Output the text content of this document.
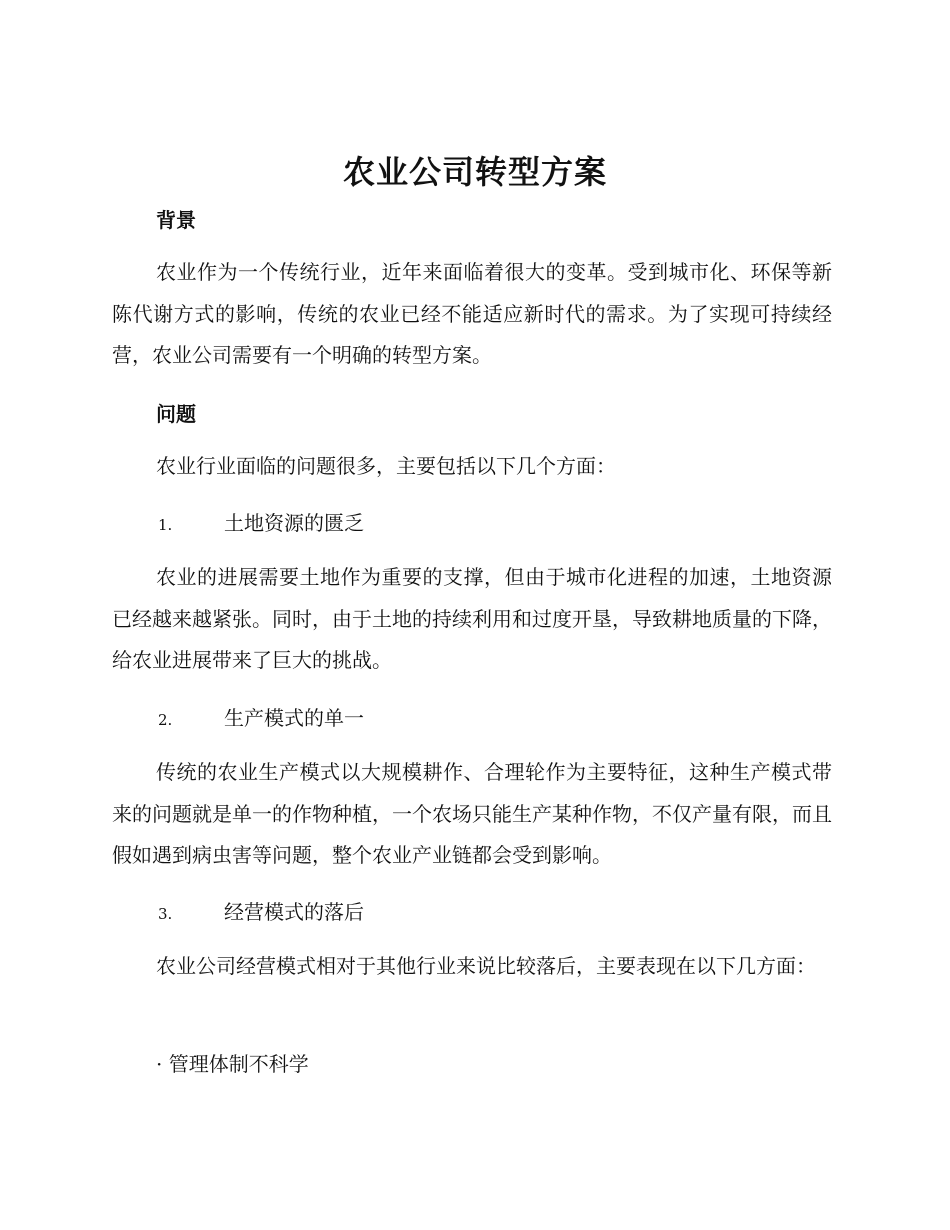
农业公司转型方案
背景
农业作为一个传统行业，近年来面临着很大的变革。受到城市化、环保等新陈代谢方式的影响，传统的农业已经不能适应新时代的需求。为了实现可持续经营，农业公司需要有一个明确的转型方案。
问题
农业行业面临的问题很多，主要包括以下几个方面：
1.	土地资源的匮乏
农业的进展需要土地作为重要的支撑，但由于城市化进程的加速，土地资源已经越来越紧张。同时，由于土地的持续利用和过度开垦，导致耕地质量的下降，给农业进展带来了巨大的挑战。
2.	生产模式的单一
传统的农业生产模式以大规模耕作、合理轮作为主要特征，这种生产模式带来的问题就是单一的作物种植，一个农场只能生产某种作物，不仅产量有限，而且假如遇到病虫害等问题，整个农业产业链都会受到影响。
3.	经营模式的落后
农业公司经营模式相对于其他行业来说比较落后，主要表现在以下几方面：
· 管理体制不科学
